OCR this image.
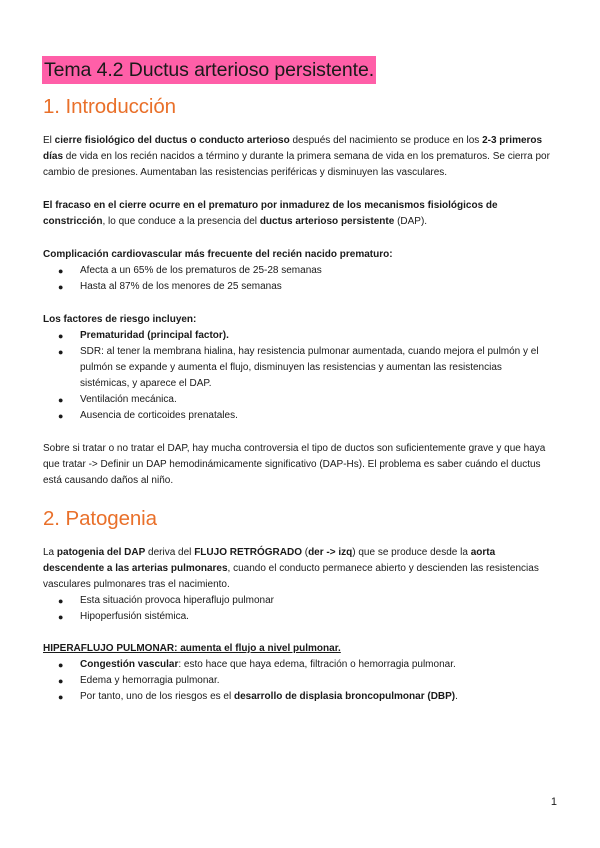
Tema 4.2 Ductus arterioso persistente.
1. Introducción

El cierre fisiológico del ductus o conducto arterioso después del nacimiento se produce en los 2-3 primeros días de vida en los recién nacidos a término y durante la primera semana de vida en los prematuros. Se cierra por cambio de presiones. Aumentaban las resistencias periféricas y disminuyen las vasculares.

El fracaso en el cierre ocurre en el prematuro por inmadurez de los mecanismos fisiológicos de constricción, lo que conduce a la presencia del ductus arterioso persistente (DAP).

Complicación cardiovascular más frecuente del recién nacido prematuro:

● Afecta a un 65% de los prematuros de 25-28 semanas
● Hasta al 87% de los menores de 25 semanas

Los factores de riesgo incluyen:

● Prematuridad (principal factor).
● SDR: al tener la membrana hialina, hay resistencia pulmonar aumentada, cuando mejora el pulmón y el pulmón se expande y aumenta el flujo, disminuyen las resistencias y aumentan las resistencias sistémicas, y aparece el DAP.
● Ventilación mecánica.
● Ausencia de corticoides prenatales.

Sobre si tratar o no tratar el DAP, hay mucha controversia el tipo de ductos son suficientemente grave y que haya que tratar -> Definir un DAP hemodinámicamente significativo (DAP-Hs). El problema es saber cuándo el ductus está causando daños al niño.

2. Patogenia

La patogenia del DAP deriva del FLUJO RETRÓGRADO (der -> izq) que se produce desde la aorta descendente a las arterias pulmonares, cuando el conducto permanece abierto y descienden las resistencias vasculares pulmonares tras el nacimiento.

● Esta situación provoca hiperaflujo pulmonar
● Hipoperfusión sistémica.

HIPERAFLUJO PULMONAR: aumenta el flujo a nivel pulmonar.

● Congestión vascular: esto hace que haya edema, filtración o hemorragia pulmonar.
● Edema y hemorragia pulmonar.
● Por tanto, uno de los riesgos es el desarrollo de displasia broncopulmonar (DBP).
1
